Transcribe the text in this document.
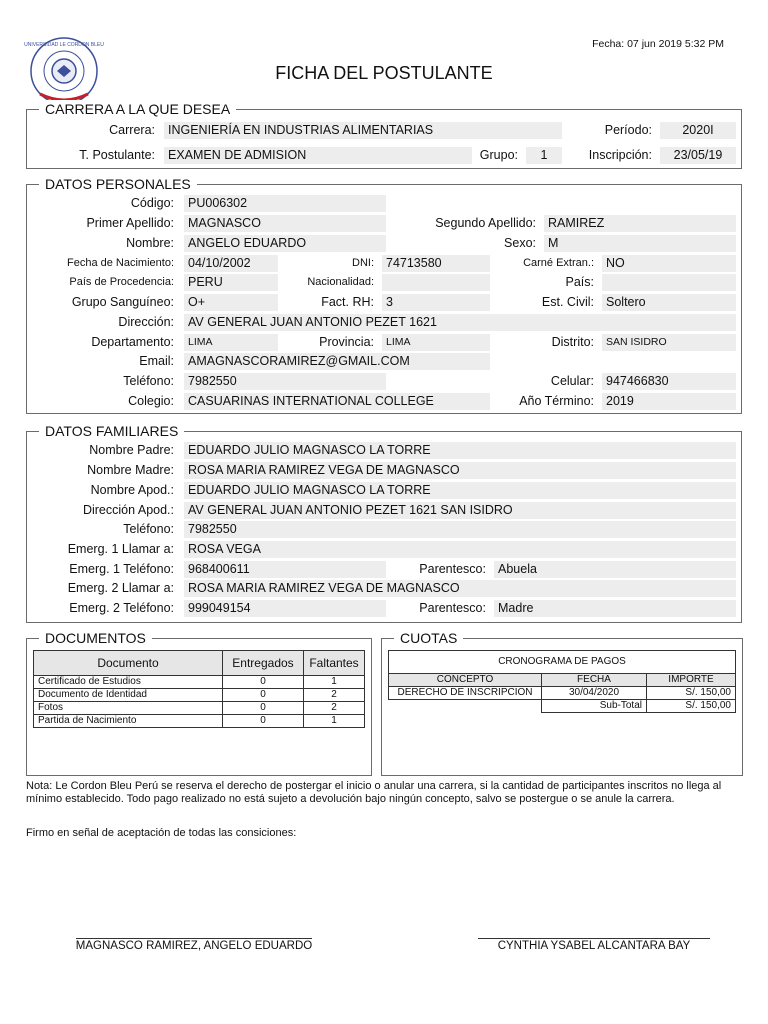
UNIVERSIDAD LE CORDON BLEU	Fecha: 07 jun 2019 5:32 PM
FICHA DEL POSTULANTE
CARRERA A LA QUE DESEA
Carrera:	INGENIERÍA EN INDUSTRIAS ALIMENTARIAS	Período:	2020I
T. Postulante:	EXAMEN DE ADMISION	Grupo:	1	Inscripción:	23/05/19
DATOS PERSONALES
Código:	PU006302
Primer Apellido:	MAGNASCO	Segundo Apellido: RAMIREZ
Nombre:	ANGELO EDUARDO	Sexo: M
Fecha de Nacimiento:	04/10/2002	DNI: 74713580	Carné Extran.: NO
País de Procedencia:	PERU	Nacionalidad:	País:
Grupo Sanguíneo:	O+	Fact. RH: 3	Est. Civil: Soltero
Dirección:	AV GENERAL JUAN ANTONIO PEZET 1621
Departamento:	LIMA	Provincia:	LIMA	Distrito:	SAN ISIDRO
Email:	AMAGNASCORAMIREZ@GMAIL.COM
Teléfono:	7982550	Celular: 947466830
Colegio:	CASUARINAS INTERNATIONAL COLLEGE	Año Término: 2019
DATOS FAMILIARES
Nombre Padre:	EDUARDO JULIO MAGNASCO LA TORRE
Nombre Madre:	ROSA MARIA RAMIREZ VEGA DE MAGNASCO
Nombre Apod.:	EDUARDO JULIO MAGNASCO LA TORRE
Dirección Apod.:	AV GENERAL JUAN ANTONIO PEZET 1621 SAN ISIDRO
Teléfono:	7982550
Emerg. 1 Llamar a:	ROSA VEGA
Emerg. 1 Teléfono:	968400611	Parentesco: Abuela
Emerg. 2 Llamar a:	ROSA MARIA RAMIREZ VEGA DE MAGNASCO
Emerg. 2 Teléfono:	999049154	Parentesco: Madre
DOCUMENTOS
Documento	Entregados	Faltantes
Certificado de Estudios	0	1
Documento de Identidad	0	2
Fotos	0	2
Partida de Nacimiento	0	1
CUOTAS
CRONOGRAMA DE PAGOS		
CONCEPTO	FECHA	IMPORTE
DERECHO DE INSCRIPCION	30/04/2020	S/. 150,00
	Sub-Total	S/. 150,00
Nota: Le Cordon Bleu Perú se reserva el derecho de postergar el inicio o anular una carrera, si la cantidad de participantes inscritos no llega al mínimo establecido. Todo pago realizado no está sujeto a devolución bajo ningún concepto, salvo se postergue o se anule la carrera.
Firmo en señal de aceptación de todas las consiciones:
MAGNASCO RAMIREZ, ANGELO EDUARDO	CYNTHIA YSABEL ALCANTARA BAY
